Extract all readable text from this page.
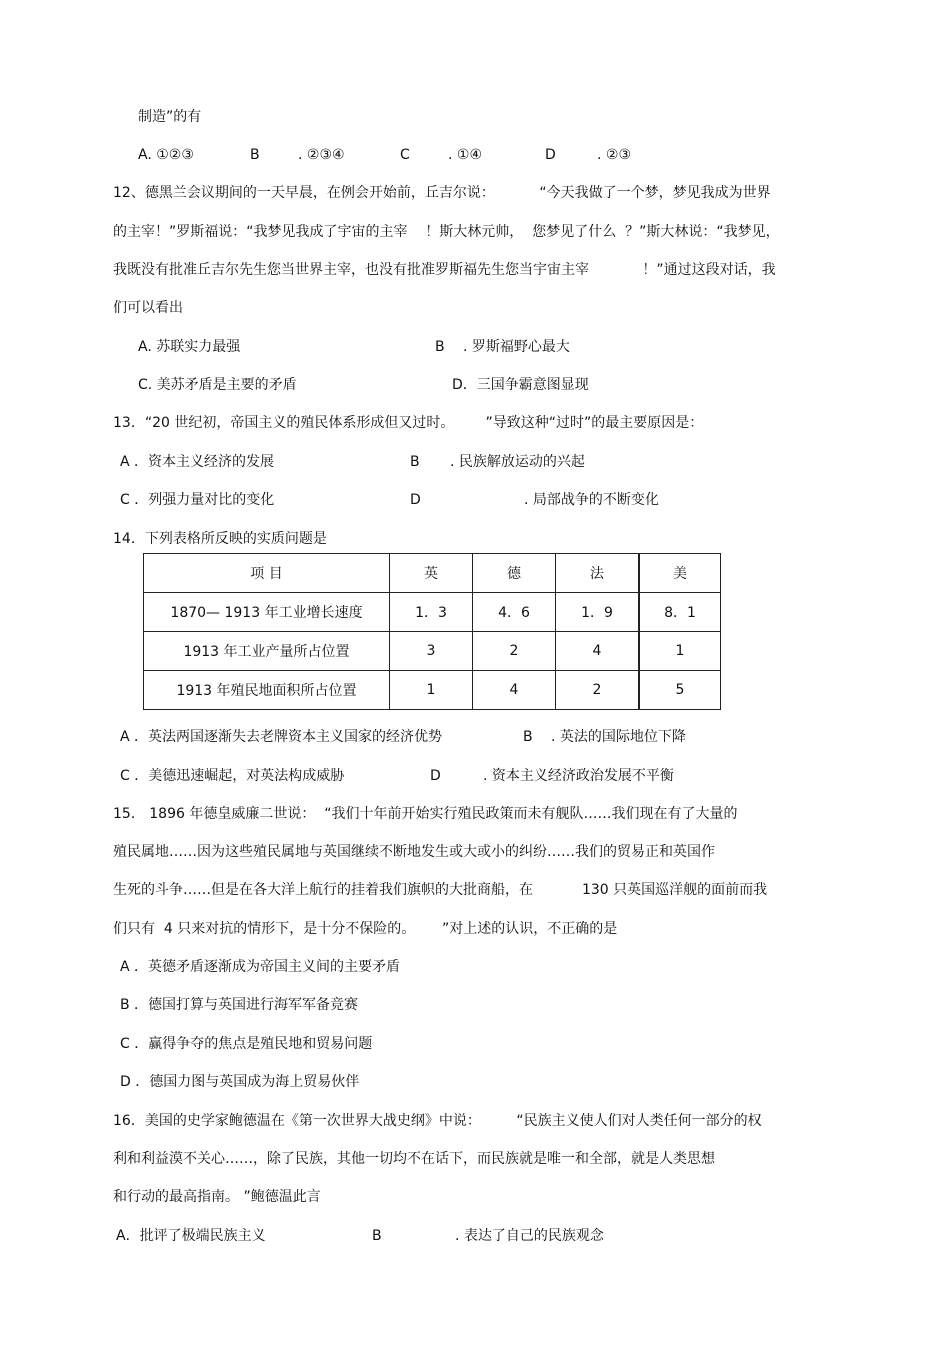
制造”的有
A. ①②③	B	. ②③④	C	. ①④	D	. ②③
12、德黑兰会议期间的一天早晨，在例会开始前，丘吉尔说：          “今天我做了一个梦，梦见我成为世界
的主宰！”罗斯福说：“我梦见我成了宇宙的主宰    ！斯大林元帅，  您梦见了什么  ？”斯大林说：“我梦见，
我既没有批准丘吉尔先生您当世界主宰，也没有批准罗斯福先生您当宇宙主宰            ！”通过这段对话，我
们可以看出
A. 苏联实力最强	B . 罗斯福野心最大
C. 美苏矛盾是主要的矛盾	D．三国争霸意图显现
13．“20 世纪初，帝国主义的殖民体系形成但又过时。       ”导致这种“过时”的最主要原因是：
A ．资本主义经济的发展	B . 民族解放运动的兴起
C ．列强力量对比的变化	D	. 局部战争的不断变化
14．下列表格所反映的实质问题是
项 目	英	德	法	美
1870— 1913 年工业增长速度	1．3	4．6	1．9	8．1
1913 年工业产量所占位置	3	2	4	1
1913 年殖民地面积所占位置	1	4	2	5
A ．英法两国逐渐失去老牌资本主义国家的经济优势	B . 英法的国际地位下降
C ．美德迅速崛起，对英法构成威胁	D	. 资本主义经济政治发展不平衡
15． 1896 年德皇威廉二世说：  “我们十年前开始实行殖民政策而未有舰队……我们现在有了大量的
殖民属地……因为这些殖民属地与英国继续不断地发生或大或小的纠纷……我们的贸易正和英国作
生死的斗争……但是在各大洋上航行的挂着我们旗帜的大批商船，在           130 只英国巡洋舰的面前而我
们只有  4 只来对抗的情形下，是十分不保险的。      ”对上述的认识，不正确的是
A ．英德矛盾逐渐成为帝国主义间的主要矛盾
B ．德国打算与英国进行海军军备竞赛
C ．赢得争夺的焦点是殖民地和贸易问题
D ．德国力图与英国成为海上贸易伙伴
16．美国的史学家鲍德温在《第一次世界大战史纲》中说：        “民族主义使人们对人类任何一部分的权
利和利益漠不关心……，除了民族，其他一切均不在话下，而民族就是唯一和全部，就是人类思想
和行动的最高指南。 ”鲍德温此言
A．批评了极端民族主义	B	. 表达了自己的民族观念
